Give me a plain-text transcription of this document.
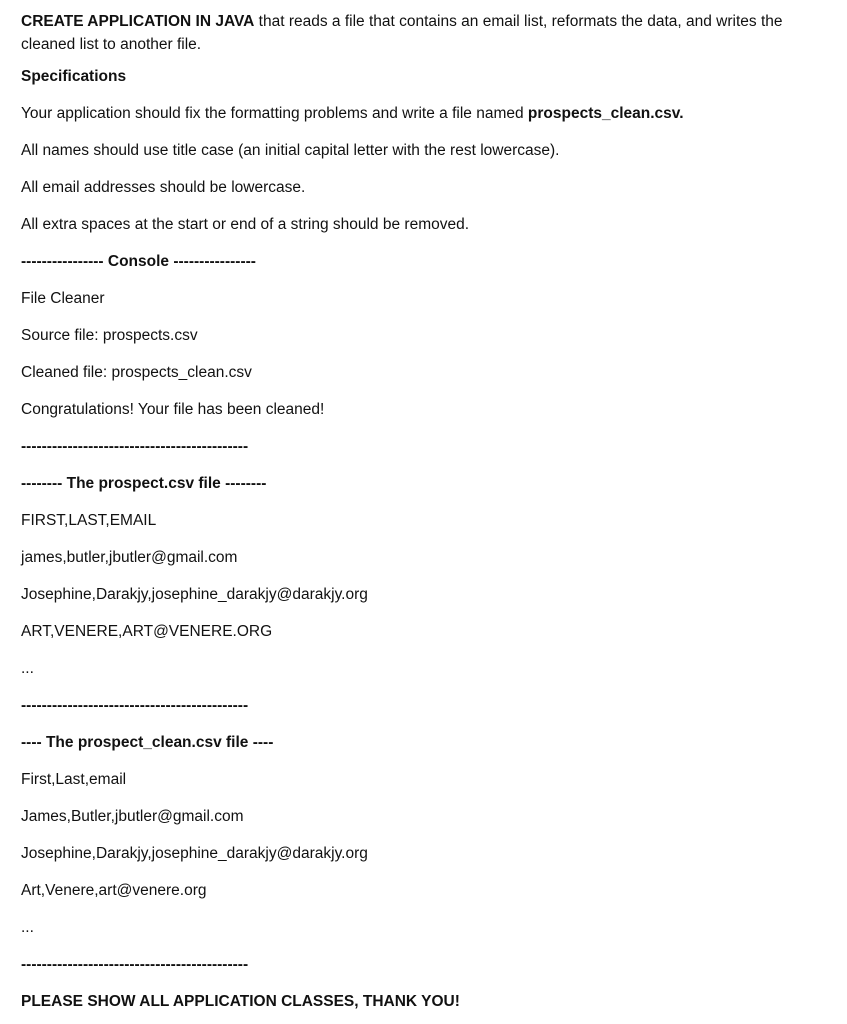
CREATE APPLICATION IN JAVA that reads a file that contains an email list, reformats the data, and writes the cleaned list to another file.

Specifications

Your application should fix the formatting problems and write a file named prospects_clean.csv.

All names should use title case (an initial capital letter with the rest lowercase).

All email addresses should be lowercase.

All extra spaces at the start or end of a string should be removed.

---------------- Console ----------------

File Cleaner

Source file: prospects.csv

Cleaned file: prospects_clean.csv

Congratulations! Your file has been cleaned!

--------------------------------------------

-------- The prospect.csv file --------

FIRST,LAST,EMAIL

james,butler,jbutler@gmail.com

Josephine,Darakjy,josephine_darakjy@darakjy.org

ART,VENERE,ART@VENERE.ORG

...

--------------------------------------------

---- The prospect_clean.csv file ----

First,Last,email

James,Butler,jbutler@gmail.com

Josephine,Darakjy,josephine_darakjy@darakjy.org

Art,Venere,art@venere.org

...

--------------------------------------------

PLEASE SHOW ALL APPLICATION CLASSES, THANK YOU!
